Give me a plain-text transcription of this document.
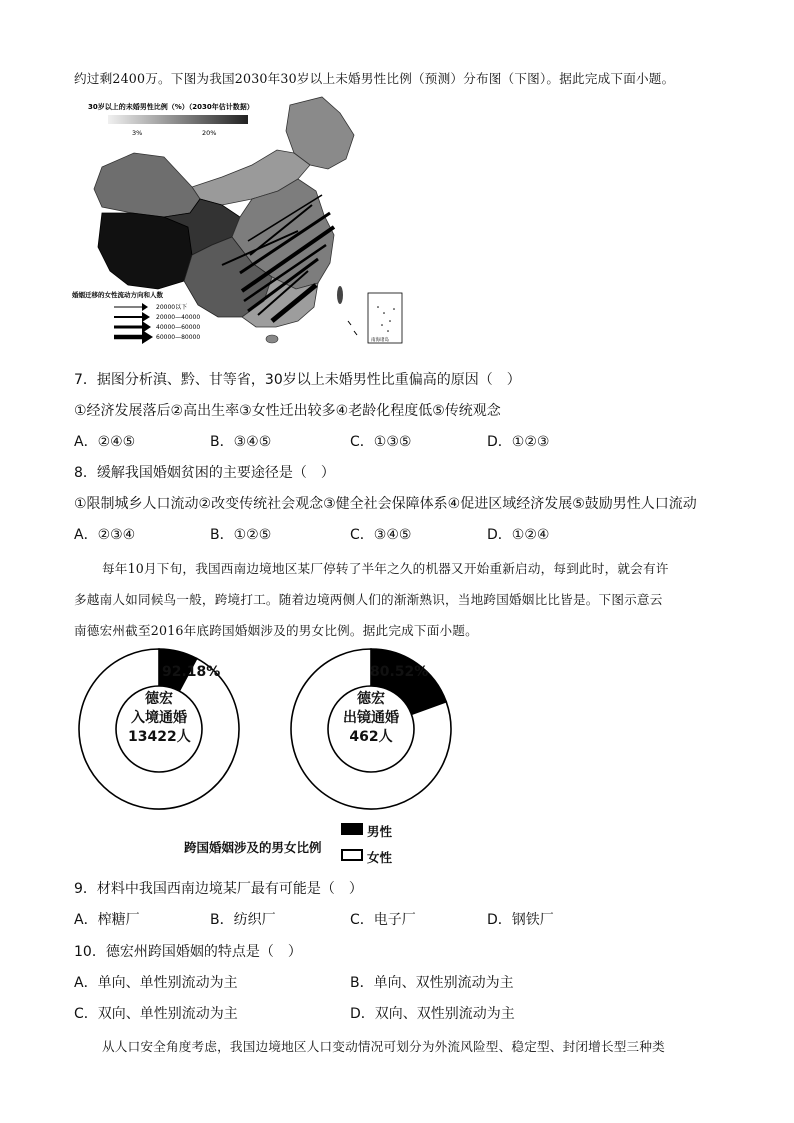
约过剩2400万。下图为我国2030年30岁以上未婚男性比例（预测）分布图（下图）。据此完成下面小题。
30岁以上的未婚男性比例（%）（2030年估计数据）
3%	20%
婚姻迁移的女性流动方向和人数
20000以下
20000—40000
40000—60000
60000—80000	南海诸岛
7．据图分析滇、黔、甘等省，30岁以上未婚男性比重偏高的原因（　）
①经济发展落后②高出生率③女性迁出较多④老龄化程度低⑤传统观念
A．②④⑤	B．③④⑤	C．①③⑤	D．①②③
8．缓解我国婚姻贫困的主要途径是（　）
①限制城乡人口流动②改变传统社会观念③健全社会保障体系④促进区域经济发展⑤鼓励男性人口流动
A．②③④	B．①②⑤	C．③④⑤	D．①②④
每年10月下旬，我国西南边境地区某厂停转了半年之久的机器又开始重新启动，每到此时，就会有许
多越南人如同候鸟一般，跨境打工。随着边境两侧人们的渐渐熟识，当地跨国婚姻比比皆是。下图示意云
南德宏州截至2016年底跨国婚姻涉及的男女比例。据此完成下面小题。
92.18%
德宏
入境通婚
13422人
80.52%
德宏
出镜通婚
462人
跨国婚姻涉及的男女比例
男性
女性
9．材料中我国西南边境某厂最有可能是（　）
A．榨糖厂	B．纺织厂	C．电子厂	D．钢铁厂
10．德宏州跨国婚姻的特点是（　）
A．单向、单性别流动为主	B．单向、双性别流动为主
C．双向、单性别流动为主	D．双向、双性别流动为主
从人口安全角度考虑，我国边境地区人口变动情况可划分为外流风险型、稳定型、封闭增长型三种类
